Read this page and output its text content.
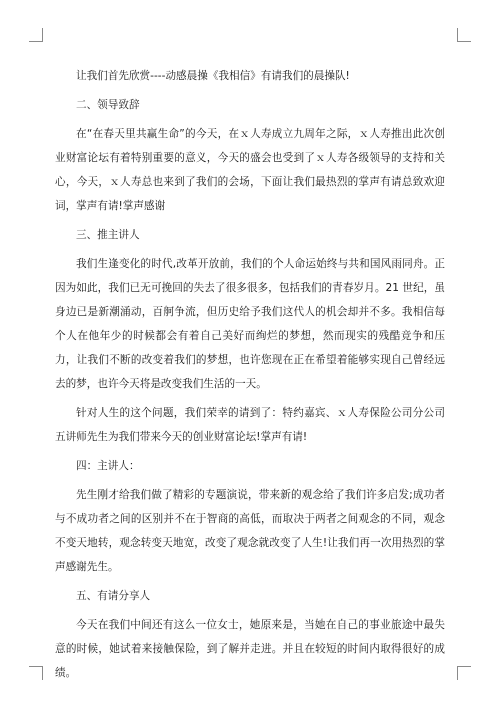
让我们首先欣赏----动感晨操《我相信》有请我们的晨操队!

二、领导致辞

在“在春天里共赢生命”的今天，在ｘ人寿成立九周年之际，ｘ人寿推出此次创业财富论坛有着特别重要的意义，今天的盛会也受到了ｘ人寿各级领导的支持和关心，今天，ｘ人寿总也来到了我们的会场，下面让我们最热烈的掌声有请总致欢迎词，掌声有请!掌声感谢

三、推主讲人

我们生逢变化的时代,改革开放前，我们的个人命运始终与共和国风雨同舟。正因为如此，我们已无可挽回的失去了很多很多，包括我们的青春岁月。21 世纪，虽身边已是新潮涌动，百舸争流，但历史给予我们这代人的机会却并不多。我相信每个人在他年少的时候都会有着自己美好而绚烂的梦想，然而现实的残酷竞争和压力，让我们不断的改变着我们的梦想，也许您现在正在希望着能够实现自己曾经远去的梦，也许今天将是改变我们生活的一天。

针对人生的这个问题，我们荣幸的请到了：特约嘉宾、ｘ人寿保险公司分公司五讲师先生为我们带来今天的创业财富论坛!掌声有请!

四：主讲人：

先生刚才给我们做了精彩的专题演说，带来新的观念给了我们许多启发;成功者与不成功者之间的区别并不在于智商的高低，而取决于两者之间观念的不同，观念不变天地转，观念转变天地宽，改变了观念就改变了人生!让我们再一次用热烈的掌声感谢先生。

五、有请分享人

今天在我们中间还有这么一位女士，她原来是，当她在自己的事业旅途中最失意的时候，她试着来接触保险，到了解并走进。并且在较短的时间内取得很好的成绩。
